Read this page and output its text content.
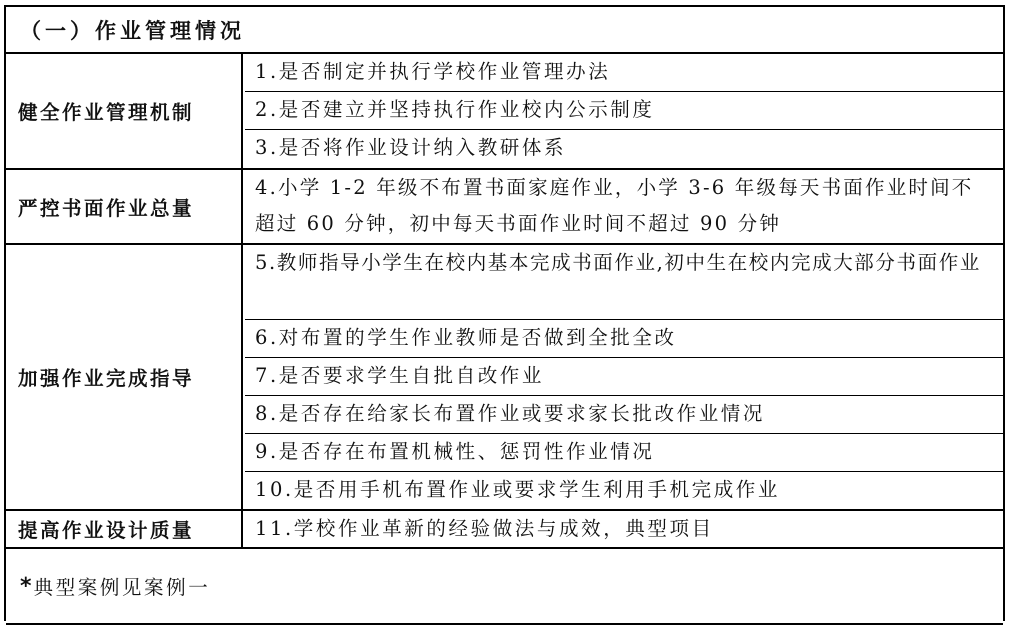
（一）作业管理情况
健全作业管理机制
1.是否制定并执行学校作业管理办法
2.是否建立并坚持执行作业校内公示制度
3.是否将作业设计纳入教研体系
严控书面作业总量
4.小学 1-2 年级不布置书面家庭作业，小学 3-6 年级每天书面作业时间不超过 60 分钟，初中每天书面作业时间不超过 90 分钟
加强作业完成指导
5.教师指导小学生在校内基本完成书面作业,初中生在校内完成大部分书面作业
6.对布置的学生作业教师是否做到全批全改
7.是否要求学生自批自改作业
8.是否存在给家长布置作业或要求家长批改作业情况
9.是否存在布置机械性、惩罚性作业情况
10.是否用手机布置作业或要求学生利用手机完成作业
提高作业设计质量	11.学校作业革新的经验做法与成效，典型项目
* 典型案例见案例一
